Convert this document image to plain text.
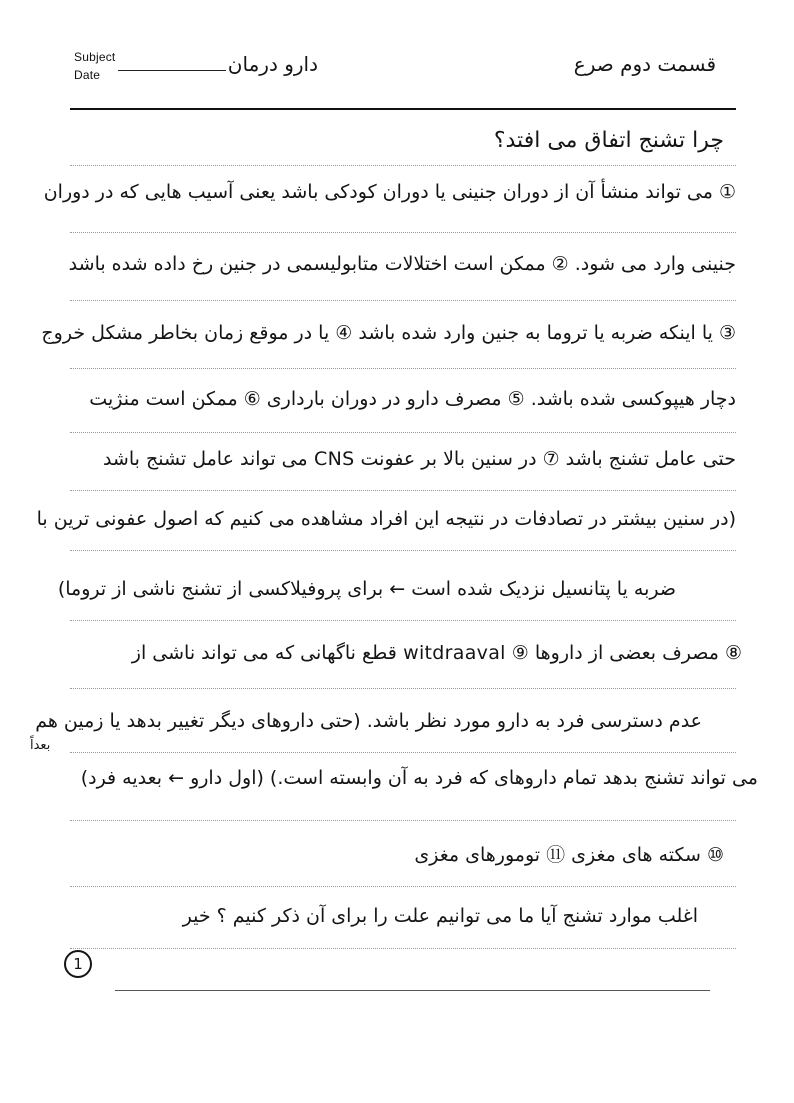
Subject
Date	قسمت دوم صرع
دارو درمان
چرا تشنج اتفاق می افتد؟
① می تواند منشأ آن از دوران جنینی یا دوران کودکی باشد یعنی آسیب هایی که در دوران
جنینی وارد می شود. ② ممکن است اختلالات متابولیسمی در جنین رخ داده شده باشد
③ یا اینکه ضربه یا تروما به جنین وارد شده باشد ④ یا در موقع زمان بخاطر مشکل خروج
دچار هیپوکسی شده باشد. ⑤ مصرف دارو در دوران بارداری ⑥ ممکن است منژیت
حتی عامل تشنج باشد ⑦ در سنین بالا بر عفونت CNS می تواند عامل تشنج باشد
(در سنین بیشتر در تصادفات در نتیجه این افراد مشاهده می کنیم که اصول عفونی ترین با
ضربه یا پتانسیل نزدیک شده است ← برای پروفیلاکسی از تشنج ناشی از تروما)
⑧ مصرف بعضی از داروها ⑨ witdraaval قطع ناگهانی که می تواند ناشی از
عدم دسترسی فرد به دارو مورد نظر باشد. (حتی داروهای دیگر تغییر بدهد یا زمین هم
می تواند تشنج بدهد تمام داروهای که فرد به آن وابسته است.) (اول دارو ← بعدیه فرد)
⑩ سکته های مغزی ⑪ تومورهای مغزی
اغلب موارد تشنج آیا ما می توانیم علت را برای آن ذکر کنیم ؟ خیر
بعداً
1
